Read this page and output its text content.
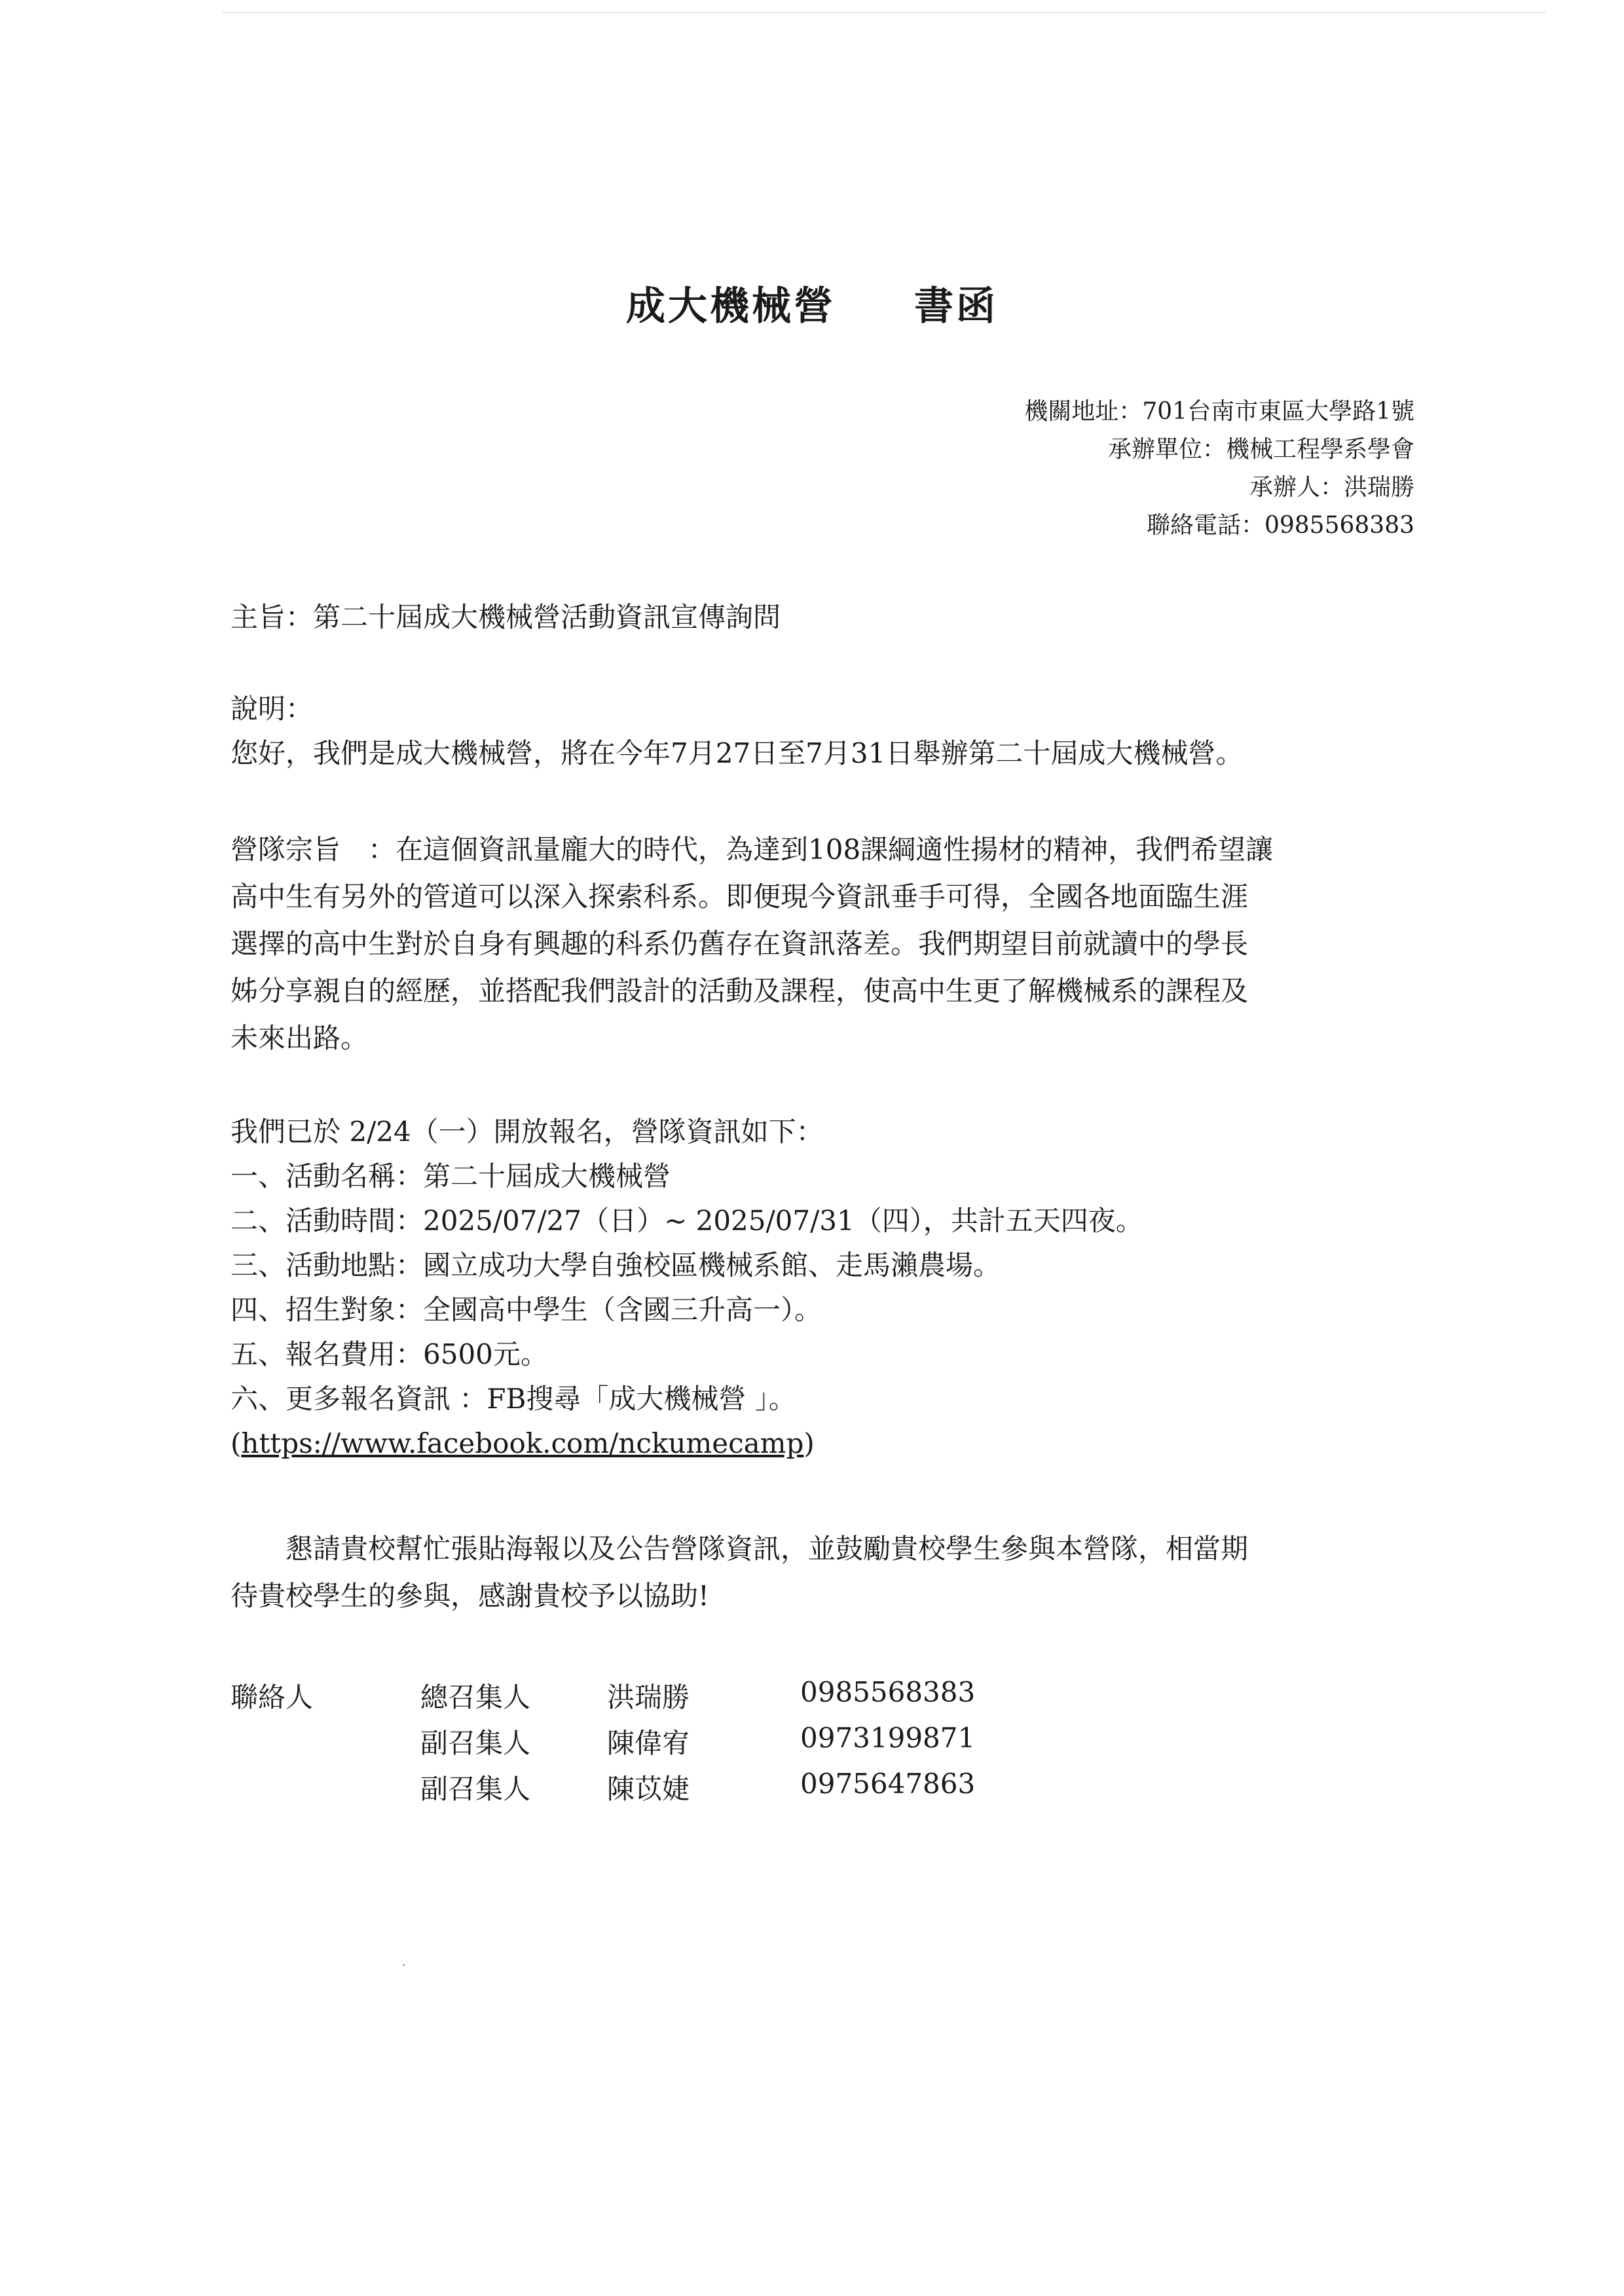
成大機械營 書函
機關地址：701台南市東區大學路1號
承辦單位：機械工程學系學會
承辦人：洪瑞勝
聯絡電話：0985568383
主旨：第二十屆成大機械營活動資訊宣傳詢問
說明：
您好，我們是成大機械營，將在今年7月27日至7月31日舉辦第二十屆成大機械營。
營隊宗旨　：在這個資訊量龐大的時代，為達到108課綱適性揚材的精神，我們希望讓
高中生有另外的管道可以深入探索科系。即便現今資訊垂手可得，全國各地面臨生涯
選擇的高中生對於自身有興趣的科系仍舊存在資訊落差。我們期望目前就讀中的學長
姊分享親自的經歷，並搭配我們設計的活動及課程，使高中生更了解機械系的課程及
未來出路。
我們已於 2/24（一）開放報名，營隊資訊如下：
一、活動名稱：第二十屆成大機械營
二、活動時間：2025/07/27（日）~ 2025/07/31（四），共計五天四夜。
三、活動地點：國立成功大學自強校區機械系館、走馬瀨農場。
四、招生對象：全國高中學生（含國三升高一）。
五、報名費用：6500元。
六、更多報名資訊 ：FB搜尋「成大機械營 」。
(https://www.facebook.com/nckumecamp)
　　懇請貴校幫忙張貼海報以及公告營隊資訊，並鼓勵貴校學生參與本營隊，相當期
待貴校學生的參與，感謝貴校予以協助!
聯絡人	總召集人	洪瑞勝	0985568383
副召集人	陳偉宥	0973199871
副召集人	陳苡婕	0975647863
